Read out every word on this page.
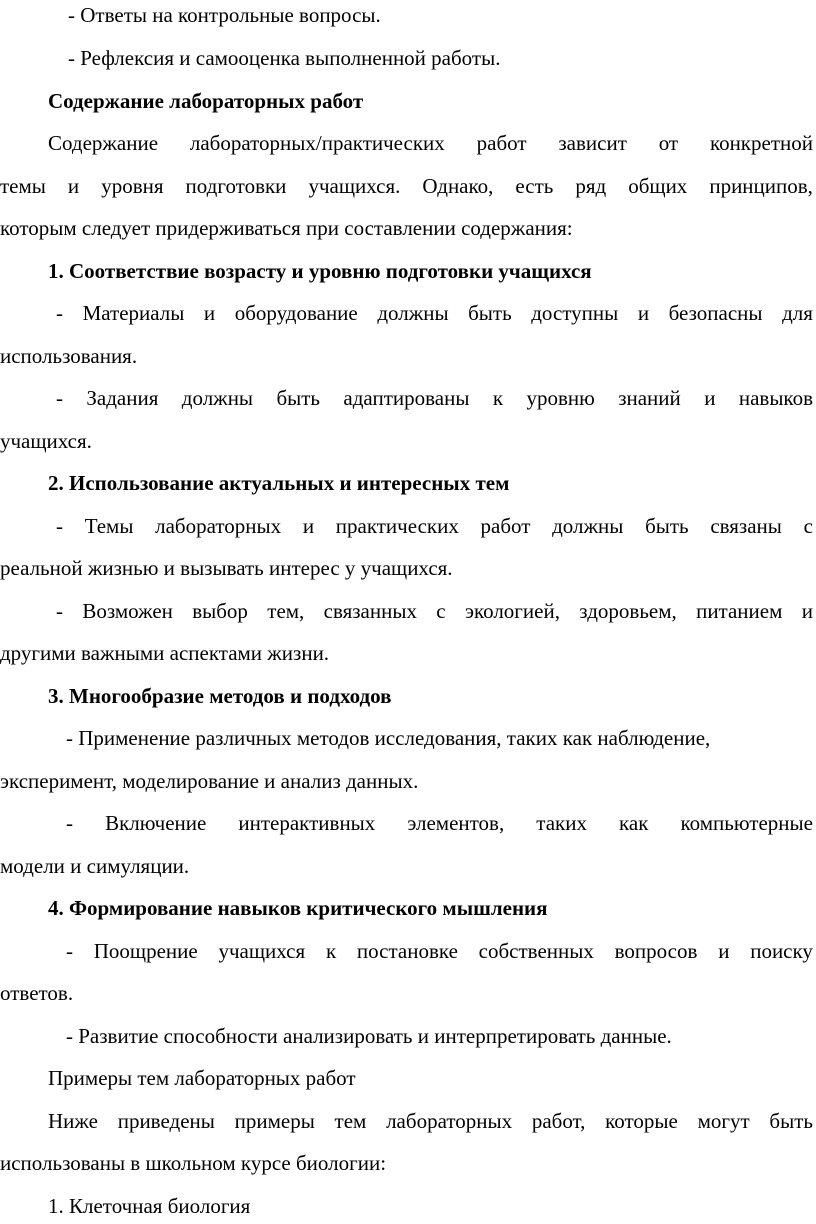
- Ответы на контрольные вопросы.
- Рефлексия и самооценка выполненной работы.
Содержание лабораторных работ
Содержание лабораторных/практических работ зависит от конкретной
темы и уровня подготовки учащихся. Однако, есть ряд общих принципов,
которым следует придерживаться при составлении содержания:
1. Соответствие возрасту и уровню подготовки учащихся
- Материалы и оборудование должны быть доступны и безопасны для
использования.
- Задания должны быть адаптированы к уровню знаний и навыков
учащихся.
2. Использование актуальных и интересных тем
- Темы лабораторных и практических работ должны быть связаны с
реальной жизнью и вызывать интерес у учащихся.
- Возможен выбор тем, связанных с экологией, здоровьем, питанием и
другими важными аспектами жизни.
3. Многообразие методов и подходов
- Применение различных методов исследования, таких как наблюдение,
эксперимент, моделирование и анализ данных.
- Включение интерактивных элементов, таких как компьютерные
модели и симуляции.
4. Формирование навыков критического мышления
- Поощрение учащихся к постановке собственных вопросов и поиску
ответов.
- Развитие способности анализировать и интерпретировать данные.
Примеры тем лабораторных работ
Ниже приведены примеры тем лабораторных работ, которые могут быть
использованы в школьном курсе биологии:
1. Клеточная биология
